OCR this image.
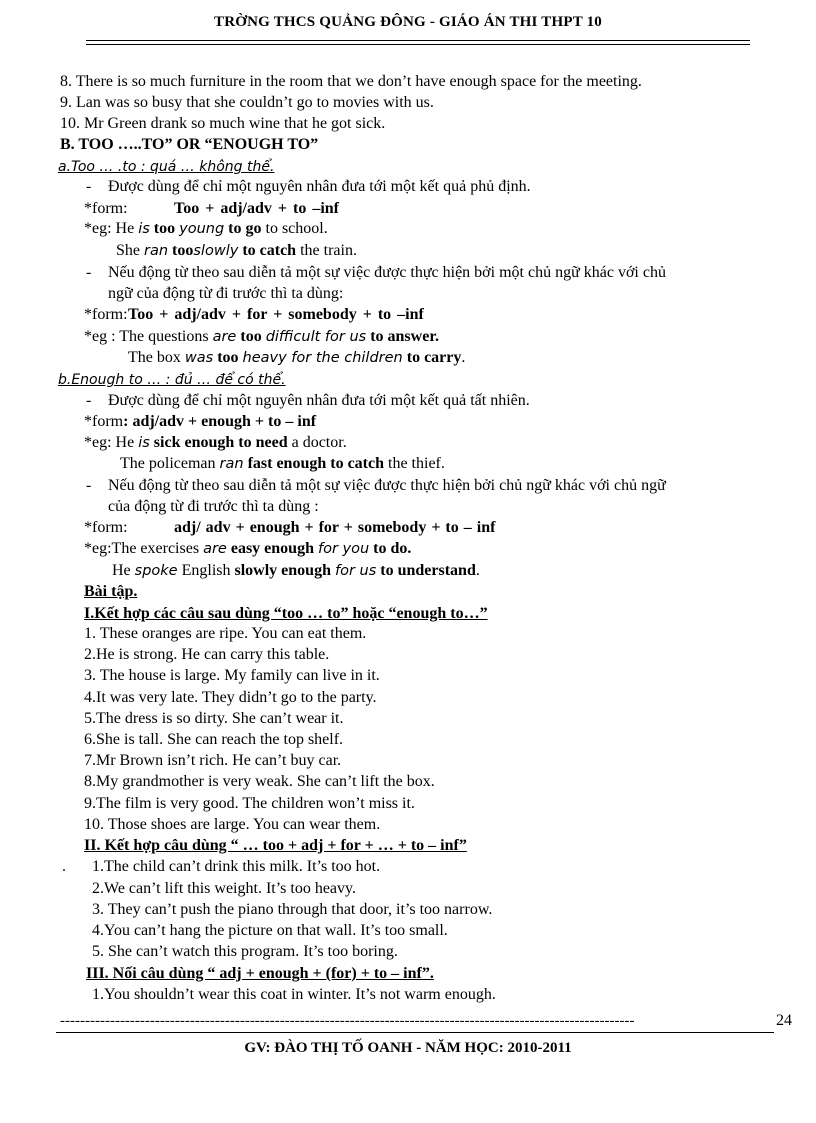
TRỜNG THCS QUẢNG ĐÔNG - GIÁO ÁN THI THPT 10
8. There is so much furniture in the room that we don’t have enough space for the meeting.
9. Lan was so busy that she couldn’t go to movies with us.
10. Mr Green drank so much wine that he got sick.
B. TOO …..TO” OR “ENOUGH TO”
a.Too … .to : quá … không thể.
- Được dùng để chỉ một nguyên nhân đưa tới một kết quả phủ định.
*form:	Too + adj/adv + to –inf
*eg: He is too young to go to school.
She ran tooslowly to catch the train.
- Nếu động từ theo sau diễn tả một sự việc được thực hiện bởi một chủ ngữ khác với chủ
ngữ của động từ đi trước thì ta dùng:
*form: Too + adj/adv + for + somebody + to –inf
*eg : The questions are too difficult for us to answer.
The box was too heavy for the children to carry.
b.Enough to … : đủ … để có thể.
- Được dùng để chỉ một nguyên nhân đưa tới một kết quả tất nhiên.
*form: adj/adv + enough + to – inf
*eg: He is sick enough to need a doctor.
The policeman ran fast enough to catch the thief.
- Nếu động từ theo sau diễn tả một sự việc được thực hiện bởi chủ ngữ khác với chủ ngữ
của động từ đi trước thì ta dùng :
*form:	adj/ adv + enough + for + somebody + to – inf
*eg:The exercises are easy enough for you to do.
He spoke English slowly enough for us to understand.
Bài tập.
I.Kết hợp các câu sau dùng “too … to” hoặc “enough to…”
1. These oranges are ripe. You can eat them.
2.He is strong. He can carry this table.
3. The house is large. My family can live in it.
4.It was very late. They didn’t go to the party.
5.The dress is so dirty. She can’t wear it.
6.She is tall. She can reach the top shelf.
7.Mr Brown isn’t rich. He can’t buy car.
8.My grandmother is very weak. She can’t lift the box.
9.The film is very good. The children won’t miss it.
10. Those shoes are large. You can wear them.
II. Kết hợp câu dùng “ … too + adj + for + … + to – inf”
. 1.The child can’t drink this milk. It’s too hot.
2.We can’t lift this weight. It’s too heavy.
3. They can’t push the piano through that door, it’s too narrow.
4.You can’t hang the picture on that wall. It’s too small.
5. She can’t watch this program. It’s too boring.
III. Nối câu dùng “ adj + enough + (for) + to – inf”.
1.You shouldn’t wear this coat in winter. It’s not warm enough.
-------------------------------------------------------------------------------------------------------------------	24
GV: ĐÀO THỊ TỐ OANH - NĂM HỌC: 2010-2011
